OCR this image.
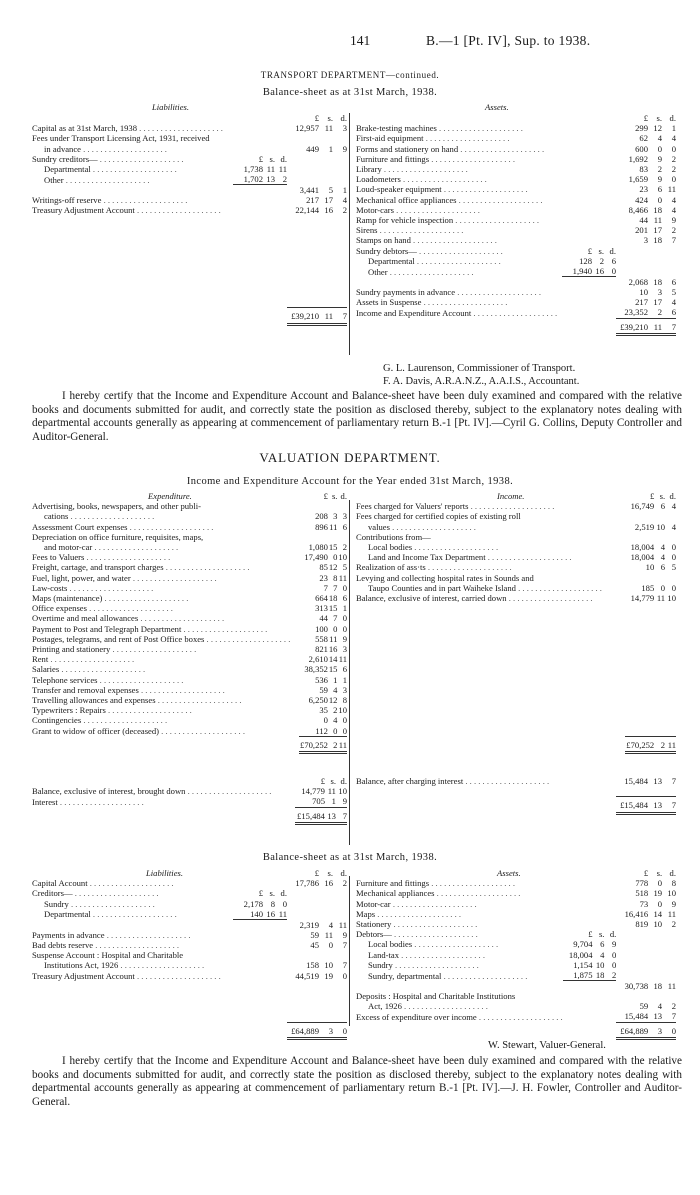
141	B.—1 [Pt. IV], Sup. to 1938.
TRANSPORT DEPARTMENT—continued.
Balance-sheet as at 31st March, 1938.
Liabilities.	Assets.
				£	s.	d.
Capital as at 31st March, 1938 . . . . . . . . . . . . . . . . . . . .				12,957	11	3
Fees under Transport Licensing Act, 1931, received						
in advance . . . . . . . . . . . . . . . . . . . .				449	1	9
Sundry creditors— . . . . . . . . . . . . . . . . . . . .	£	s.	d.			
Departmental . . . . . . . . . . . . . . . . . . . .	1,738	11	11			
Other . . . . . . . . . . . . . . . . . . . .	1,702	13	2			
				3,441	5	1
Writings-off reserve . . . . . . . . . . . . . . . . . . . .				217	17	4
Treasury Adjustment Account . . . . . . . . . . . . . . . . . . . .				22,144	16	2

				£39,210	11	7
				£	s.	d.
Brake-testing machines . . . . . . . . . . . . . . . . . . . .				299	12	1
First-aid equipment . . . . . . . . . . . . . . . . . . . .				62	4	4
Forms and stationery on hand . . . . . . . . . . . . . . . . . . . .				600	0	0
Furniture and fittings . . . . . . . . . . . . . . . . . . . .				1,692	9	2
Library . . . . . . . . . . . . . . . . . . . .				83	2	2
Loadometers . . . . . . . . . . . . . . . . . . . .				1,659	9	0
Loud-speaker equipment . . . . . . . . . . . . . . . . . . . .				23	6	11
Mechanical office appliances . . . . . . . . . . . . . . . . . . . .				424	0	4
Motor-cars . . . . . . . . . . . . . . . . . . . .				8,466	18	4
Ramp for vehicle inspection . . . . . . . . . . . . . . . . . . . .				44	11	9
Sirens . . . . . . . . . . . . . . . . . . . .				201	17	2
Stamps on hand . . . . . . . . . . . . . . . . . . . .				3	18	7
Sundry debtors— . . . . . . . . . . . . . . . . . . . .	£	s.	d.			
Departmental . . . . . . . . . . . . . . . . . . . .	128	2	6			
Other . . . . . . . . . . . . . . . . . . . .	1,940	16	0			
				2,068	18	6
Sundry payments in advance . . . . . . . . . . . . . . . . . . . .				10	3	5
Assets in Suspense . . . . . . . . . . . . . . . . . . . .				217	17	4
Income and Expenditure Account . . . . . . . . . . . . . . . . . . . .				23,352	2	6
				£39,210	11	7
G. L. Laurenson, Commissioner of Transport.
F. A. Davis, A.R.A.N.Z., A.A.I.S., Accountant.

I hereby certify that the Income and Expenditure Account and Balance-sheet have been duly examined and compared with the relative books and documents submitted for audit, and correctly state the position as disclosed thereby, subject to the explanatory notes dealing with departmental accounts generally as appearing at commencement of parliamentary return B.-1 [Pt. IV].—Cyril G. Collins, Deputy Controller and Auditor-General.

VALUATION DEPARTMENT.
Income and Expenditure Account for the Year ended 31st March, 1938.
Expenditure.	Income.
				£	s.	d.
Advertising, books, newspapers, and other publi-						
cations . . . . . . . . . . . . . . . . . . . .				208	3	3
Assessment Court expenses . . . . . . . . . . . . . . . . . . . .				896	11	6
Depreciation on office furniture, requisites, maps,						
and motor-car . . . . . . . . . . . . . . . . . . . .				1,080	15	2
Fees to Valuers . . . . . . . . . . . . . . . . . . . .				17,490	0	10
Freight, cartage, and transport charges . . . . . . . . . . . . . . . . . . . .				85	12	5
Fuel, light, power, and water . . . . . . . . . . . . . . . . . . . .				23	8	11
Law-costs . . . . . . . . . . . . . . . . . . . .				7	7	0
Maps (maintenance) . . . . . . . . . . . . . . . . . . . .				664	18	6
Office expenses . . . . . . . . . . . . . . . . . . . .				313	15	1
Overtime and meal allowances . . . . . . . . . . . . . . . . . . . .				44	7	0
Payment to Post and Telegraph Department . . . . . . . . . . . . . . . . . . . .				100	0	0
Postages, telegrams, and rent of Post Office boxes . . . . . . . . . . . . . . . . . . . .				558	11	9
Printing and stationery . . . . . . . . . . . . . . . . . . . .				821	16	3
Rent . . . . . . . . . . . . . . . . . . . .				2,610	14	11
Salaries . . . . . . . . . . . . . . . . . . . .				38,352	15	6
Telephone services . . . . . . . . . . . . . . . . . . . .				536	1	1
Transfer and removal expenses . . . . . . . . . . . . . . . . . . . .				59	4	3
Travelling allowances and expenses . . . . . . . . . . . . . . . . . . . .				6,250	12	8
Typewriters : Repairs . . . . . . . . . . . . . . . . . . . .				35	2	10
Contingencies . . . . . . . . . . . . . . . . . . . .				0	4	0
Grant to widow of officer (deceased) . . . . . . . . . . . . . . . . . . . .				112	0	0
				£70,252	2	11
				£	s.	d.
Fees charged for Valuers' reports . . . . . . . . . . . . . . . . . . . .				16,749	6	4
Fees charged for certified copies of existing roll						
values . . . . . . . . . . . . . . . . . . . .				2,519	10	4
Contributions from—						
Local bodies . . . . . . . . . . . . . . . . . . . .				18,004	4	0
Land and Income Tax Department . . . . . . . . . . . . . . . . . . . .				18,004	4	0
Realization of ass·ts . . . . . . . . . . . . . . . . . . . .				10	6	5
Levying and collecting hospital rates in Sounds and						
Taupo Counties and in part Waiheke Island . . . . . . . . . . . . . . . . . . . .				185	0	0
Balance, exclusive of interest, carried down . . . . . . . . . . . . . . . . . . . .				14,779	11	10

				£70,252	2	11
				£	s.	d.
Balance, exclusive of interest, brought down . . . . . . . . . . . . . . . . . . . .				14,779	11	10
Interest . . . . . . . . . . . . . . . . . . . .				705	1	9
				£15,484	13	7
Balance, after charging interest . . . . . . . . . . . . . . . . . . . .				15,484	13	7

				£15,484	13	7
Balance-sheet as at 31st March, 1938.
Liabilities.	Assets.
				£	s.	d.
Capital Account . . . . . . . . . . . . . . . . . . . .				17,786	16	2
Creditors— . . . . . . . . . . . . . . . . . . . .	£	s.	d.			
Sundry . . . . . . . . . . . . . . . . . . . .	2,178	8	0			
Departmental . . . . . . . . . . . . . . . . . . . .	140	16	11			
				2,319	4	11
Payments in advance . . . . . . . . . . . . . . . . . . . .				59	11	9
Bad debts reserve . . . . . . . . . . . . . . . . . . . .				45	0	7
Suspense Account : Hospital and Charitable						
Institutions Act, 1926 . . . . . . . . . . . . . . . . . . . .				158	10	7
Treasury Adjustment Account . . . . . . . . . . . . . . . . . . . .				44,519	19	0

				£64,889	3	0
				£	s.	d.
Furniture and fittings . . . . . . . . . . . . . . . . . . . .				778	0	8
Mechanical appliances . . . . . . . . . . . . . . . . . . . .				518	19	10
Motor-car . . . . . . . . . . . . . . . . . . . .				73	0	9
Maps . . . . . . . . . . . . . . . . . . . .				16,416	14	11
Stationery . . . . . . . . . . . . . . . . . . . .				819	10	2
Debtors— . . . . . . . . . . . . . . . . . . . .	£	s.	d.			
Local bodies . . . . . . . . . . . . . . . . . . . .	9,704	6	9			
Land-tax . . . . . . . . . . . . . . . . . . . .	18,004	4	0			
Sundry . . . . . . . . . . . . . . . . . . . .	1,154	10	0			
Sundry, departmental . . . . . . . . . . . . . . . . . . . .	1,875	18	2			
				30,738	18	11
Deposits : Hospital and Charitable Institutions						
Act, 1926 . . . . . . . . . . . . . . . . . . . .				59	4	2
Excess of expenditure over income . . . . . . . . . . . . . . . . . . . .				15,484	13	7
				£64,889	3	0
W. Stewart, Valuer-General.

I hereby certify that the Income and Expenditure Account and Balance-sheet have been duly examined and compared with the relative books and documents submitted for audit, and correctly state the position as disclosed thereby, subject to the explanatory notes dealing with departmental accounts generally as appearing at commencement of parliamentary return B.-1 [Pt. IV].—J. H. Fowler, Controller and Auditor-General.
